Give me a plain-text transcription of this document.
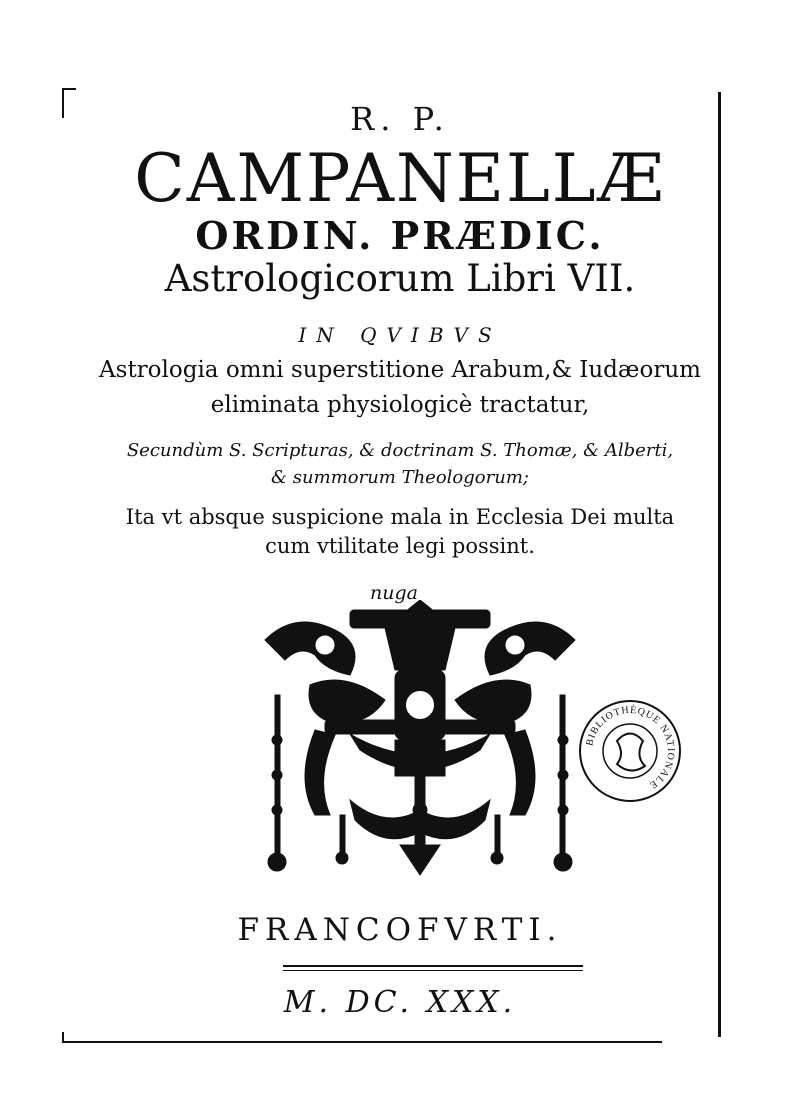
R. P.
CAMPANELLÆ
ORDIN. PRÆDIC.
Astrologicorum Libri VII.
IN QVIBVS
Astrologia omni superstitione Arabum,& Iudæorum
eliminata physiologicè tractatur,
Secundùm S. Scripturas, & doctrinam S. Thomæ, & Alberti,
& summorum Theologorum;
Ita vt absque suspicione mala in Ecclesia Dei multa
cum vtilitate legi possint.
nuga
BIBLIOTHÈQUE NATIONALE
FRANCOFVRTI.
M. DC. XXX.
